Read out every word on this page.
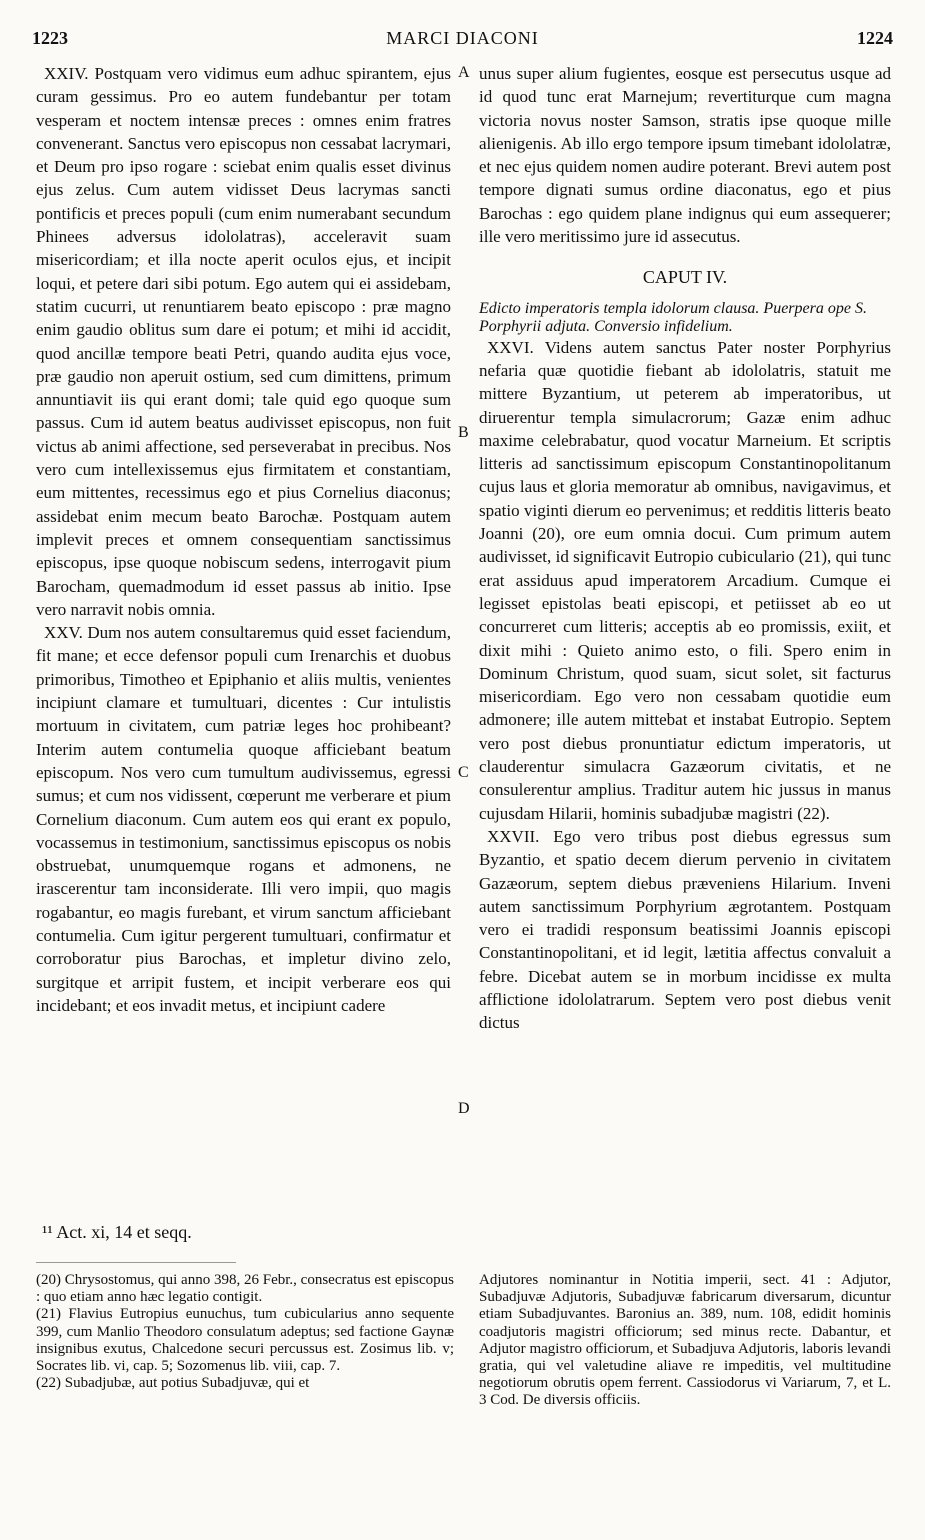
1223	MARCI DIACONI	1224
A
B
C
D

XXIV. Postquam vero vidimus eum adhuc spirantem, ejus curam gessimus. Pro eo autem fundebantur per totam vesperam et noctem intensæ preces : omnes enim fratres convenerant. Sanctus vero episcopus non cessabat lacrymari, et Deum pro ipso rogare : sciebat enim qualis esset divinus ejus zelus. Cum autem vidisset Deus lacrymas sancti pontificis et preces populi (cum enim numerabant secundum Phinees adversus idololatras), acceleravit suam misericordiam; et illa nocte aperit oculos ejus, et incipit loqui, et petere dari sibi potum. Ego autem qui ei assidebam, statim cucurri, ut renuntiarem beato episcopo : præ magno enim gaudio oblitus sum dare ei potum; et mihi id accidit, quod ancillæ tempore beati Petri, quando audita ejus voce, præ gaudio non aperuit ostium, sed cum dimittens, primum annuntiavit iis qui erant domi; tale quid ego quoque sum passus. Cum id autem beatus audivisset episcopus, non fuit victus ab animi affectione, sed perseverabat in precibus. Nos vero cum intellexissemus ejus firmitatem et constantiam, eum mittentes, recessimus ego et pius Cornelius diaconus; assidebat enim mecum beato Barochæ. Postquam autem implevit preces et omnem consequentiam sanctissimus episcopus, ipse quoque nobiscum sedens, interrogavit pium Barocham, quemadmodum id esset passus ab initio. Ipse vero narravit nobis omnia.

XXV. Dum nos autem consultaremus quid esset faciendum, fit mane; et ecce defensor populi cum Irenarchis et duobus primoribus, Timotheo et Epiphanio et aliis multis, venientes incipiunt clamare et tumultuari, dicentes : Cur intulistis mortuum in civitatem, cum patriæ leges hoc prohibeant? Interim autem contumelia quoque afficiebant beatum episcopum. Nos vero cum tumultum audivissemus, egressi sumus; et cum nos vidissent, cœperunt me verberare et pium Cornelium diaconum. Cum autem eos qui erant ex populo, vocassemus in testimonium, sanctissimus episcopus os nobis obstruebat, unumquemque rogans et admonens, ne irascerentur tam inconsiderate. Illi vero impii, quo magis rogabantur, eo magis furebant, et virum sanctum afficiebant contumelia. Cum igitur pergerent tumultuari, confirmatur et corroboratur pius Barochas, et impletur divino zelo, surgitque et arripit fustem, et incipit verberare eos qui incidebant; et eos invadit metus, et incipiunt cadere

unus super alium fugientes, eosque est persecutus usque ad id quod tunc erat Marnejum; revertiturque cum magna victoria novus noster Samson, stratis ipse quoque mille alienigenis. Ab illo ergo tempore ipsum timebant idololatræ, et nec ejus quidem nomen audire poterant. Brevi autem post tempore dignati sumus ordine diaconatus, ego et pius Barochas : ego quidem plane indignus qui eum assequerer; ille vero meritissimo jure id assecutus.

CAPUT IV.

Edicto imperatoris templa idolorum clausa. Puerpera ope S. Porphyrii adjuta. Conversio infidelium.

XXVI. Videns autem sanctus Pater noster Porphyrius nefaria quæ quotidie fiebant ab idololatris, statuit me mittere Byzantium, ut peterem ab imperatoribus, ut diruerentur templa simulacrorum; Gazæ enim adhuc maxime celebrabatur, quod vocatur Marneium. Et scriptis litteris ad sanctissimum episcopum Constantinopolitanum cujus laus et gloria memoratur ab omnibus, navigavimus, et spatio viginti dierum eo pervenimus; et redditis litteris beato Joanni (20), ore eum omnia docui. Cum primum autem audivisset, id significavit Eutropio cubiculario (21), qui tunc erat assiduus apud imperatorem Arcadium. Cumque ei legisset epistolas beati episcopi, et petiisset ab eo ut concurreret cum litteris; acceptis ab eo promissis, exiit, et dixit mihi : Quieto animo esto, o fili. Spero enim in Dominum Christum, quod suam, sicut solet, sit facturus misericordiam. Ego vero non cessabam quotidie eum admonere; ille autem mittebat et instabat Eutropio. Septem vero post diebus pronuntiatur edictum imperatoris, ut clauderentur simulacra Gazæorum civitatis, et ne consulerentur amplius. Traditur autem hic jussus in manus cujusdam Hilarii, hominis subadjubæ magistri (22).

XXVII. Ego vero tribus post diebus egressus sum Byzantio, et spatio decem dierum pervenio in civitatem Gazæorum, septem diebus præveniens Hilarium. Inveni autem sanctissimum Porphyrium ægrotantem. Postquam vero ei tradidi responsum beatissimi Joannis episcopi Constantinopolitani, et id legit, lætitia affectus convaluit a febre. Dicebat autem se in morbum incidisse ex multa afflictione idololatrarum. Septem vero post diebus venit dictus

¹¹ Act. xi, 14 et seqq.

(20) Chrysostomus, qui anno 398, 26 Febr., consecratus est episcopus : quo etiam anno hæc legatio contigit.

(21) Flavius Eutropius eunuchus, tum cubicularius anno sequente 399, cum Manlio Theodoro consulatum adeptus; sed factione Gaynæ insignibus exutus, Chalcedone securi percussus est. Zosimus lib. v; Socrates lib. vi, cap. 5; Sozomenus lib. viii, cap. 7.

(22) Subadjubæ, aut potius Subadjuvæ, qui et

Adjutores nominantur in Notitia imperii, sect. 41 : Adjutor, Subadjuvæ Adjutoris, Subadjuvæ fabricarum diversarum, dicuntur etiam Subadjuvantes. Baronius an. 389, num. 108, edidit hominis coadjutoris magistri officiorum; sed minus recte. Dabantur, et Adjutor magistro officiorum, et Subadjuva Adjutoris, laboris levandi gratia, qui vel valetudine aliave re impeditis, vel multitudine negotiorum obrutis opem ferrent. Cassiodorus vi Variarum, 7, et L. 3 Cod. De diversis officiis.
